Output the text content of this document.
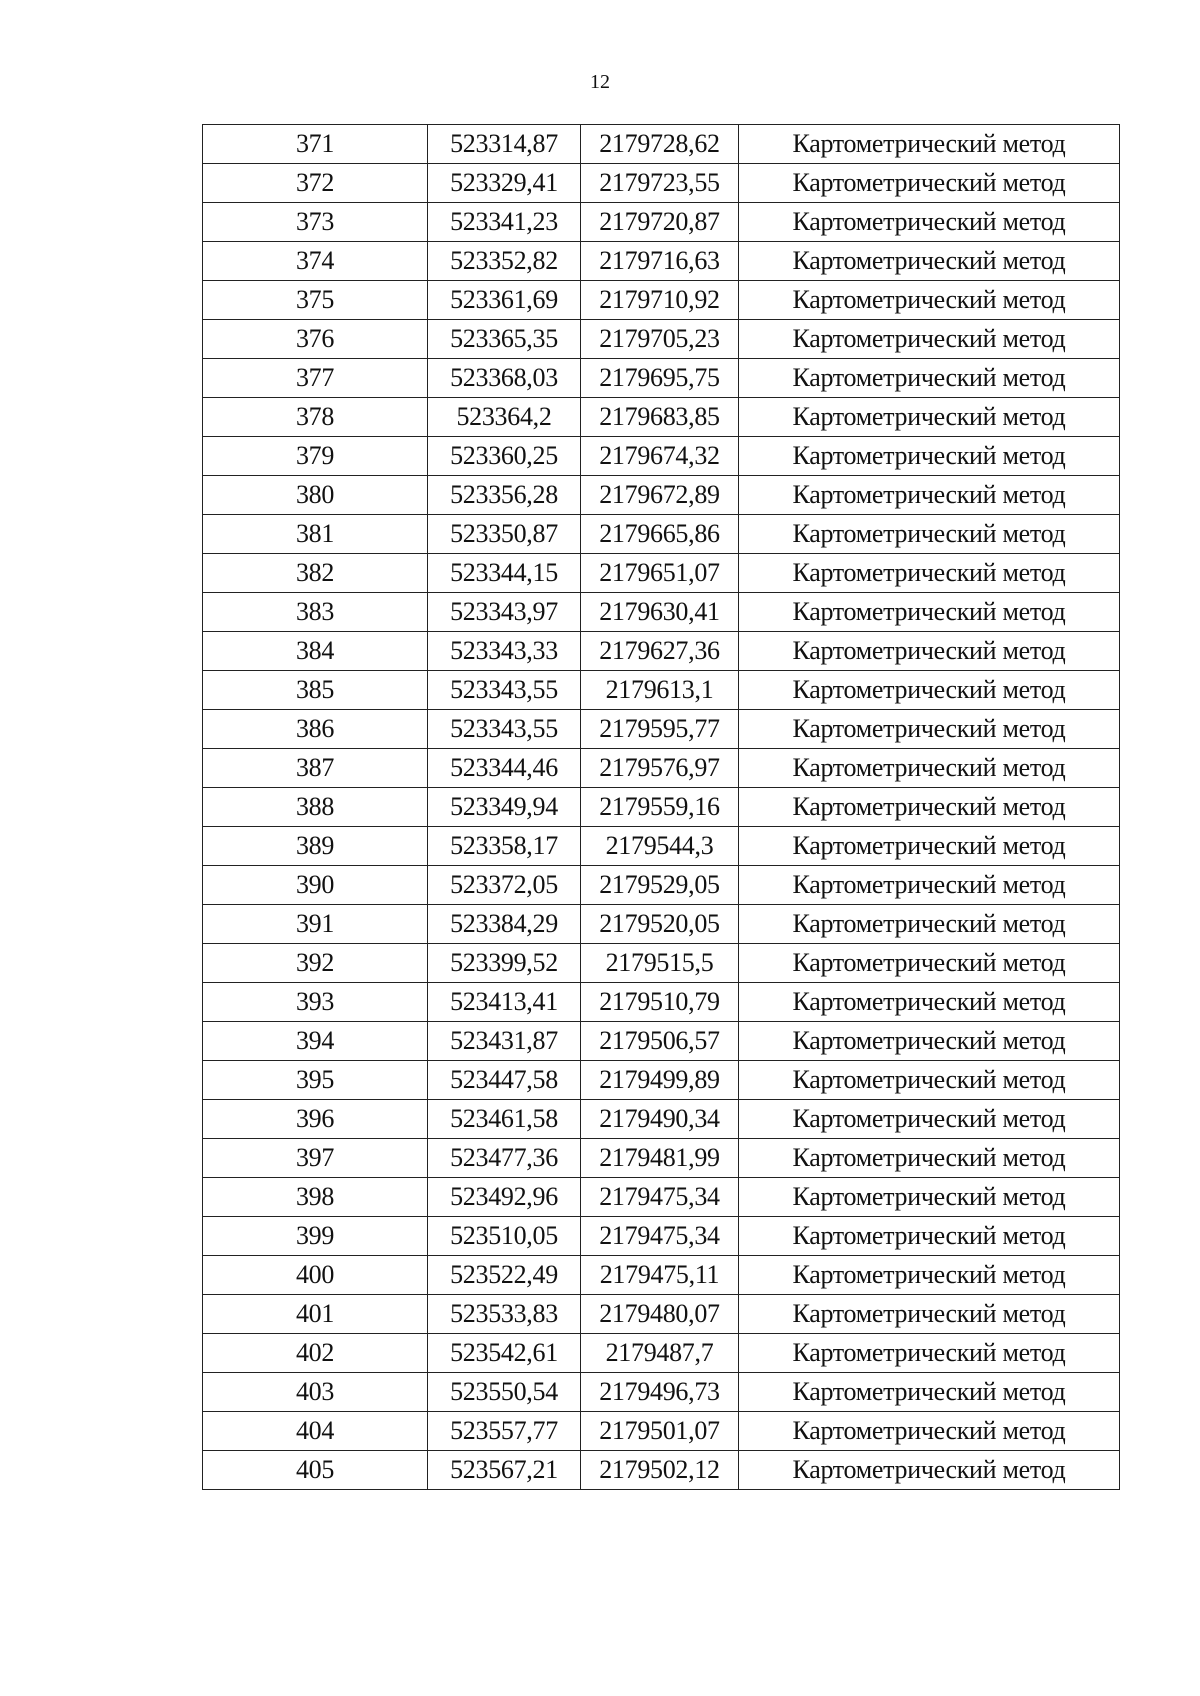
12
371	523314,87	2179728,62	Картометрический метод
372	523329,41	2179723,55	Картометрический метод
373	523341,23	2179720,87	Картометрический метод
374	523352,82	2179716,63	Картометрический метод
375	523361,69	2179710,92	Картометрический метод
376	523365,35	2179705,23	Картометрический метод
377	523368,03	2179695,75	Картометрический метод
378	523364,2	2179683,85	Картометрический метод
379	523360,25	2179674,32	Картометрический метод
380	523356,28	2179672,89	Картометрический метод
381	523350,87	2179665,86	Картометрический метод
382	523344,15	2179651,07	Картометрический метод
383	523343,97	2179630,41	Картометрический метод
384	523343,33	2179627,36	Картометрический метод
385	523343,55	2179613,1	Картометрический метод
386	523343,55	2179595,77	Картометрический метод
387	523344,46	2179576,97	Картометрический метод
388	523349,94	2179559,16	Картометрический метод
389	523358,17	2179544,3	Картометрический метод
390	523372,05	2179529,05	Картометрический метод
391	523384,29	2179520,05	Картометрический метод
392	523399,52	2179515,5	Картометрический метод
393	523413,41	2179510,79	Картометрический метод
394	523431,87	2179506,57	Картометрический метод
395	523447,58	2179499,89	Картометрический метод
396	523461,58	2179490,34	Картометрический метод
397	523477,36	2179481,99	Картометрический метод
398	523492,96	2179475,34	Картометрический метод
399	523510,05	2179475,34	Картометрический метод
400	523522,49	2179475,11	Картометрический метод
401	523533,83	2179480,07	Картометрический метод
402	523542,61	2179487,7	Картометрический метод
403	523550,54	2179496,73	Картометрический метод
404	523557,77	2179501,07	Картометрический метод
405	523567,21	2179502,12	Картометрический метод
